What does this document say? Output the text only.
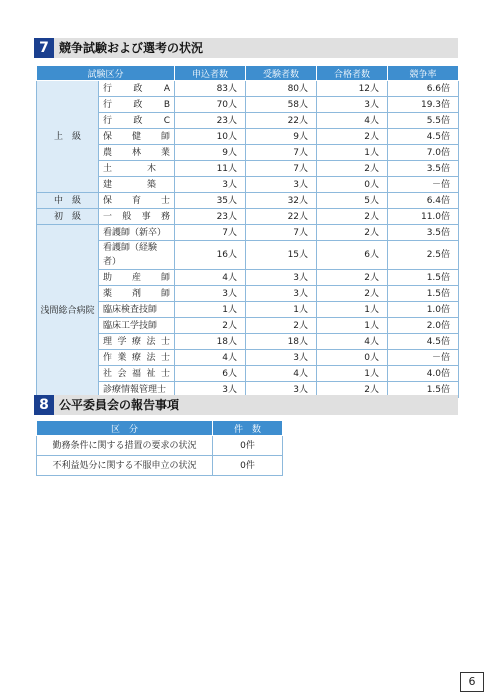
7 競争試験および選考の状況
試験区分		申込者数	受験者数	合格者数	競争率
上　級	行 政 A	83人	80人	12人	6.6倍

	行 政 B	70人	58人	3人	19.3倍

	行 政 C	23人	22人	4人	5.5倍

	保 健 師	10人	9人	2人	4.5倍

	農 林 業	9人	7人	1人	7.0倍

	土 木	11人	7人	2人	3.5倍

	建 築	3人	3人	0人	－倍
中　級	保 育 士	35人	32人	5人	6.4倍
初　級	一 般 事 務	23人	22人	2人	11.0倍
浅間総合病院	看護師（新卒）	7人	7人	2人	3.5倍

	看護師（経験者）	16人	15人	6人	2.5倍

	助 産 師	4人	3人	2人	1.5倍

	薬 剤 師	3人	3人	2人	1.5倍

	臨床検査技師	1人	1人	1人	1.0倍

	臨床工学技師	2人	2人	1人	2.0倍

	理 学 療 法 士	18人	18人	4人	4.5倍

	作 業 療 法 士	4人	3人	0人	－倍

	社 会 福 祉 士	6人	4人	1人	4.0倍

	診療情報管理士	3人	3人	2人	1.5倍
8 公平委員会の報告事項
区　分	件　数
勤務条件に関する措置の要求の状況	0件
不利益処分に関する不服申立の状況	0件
6
